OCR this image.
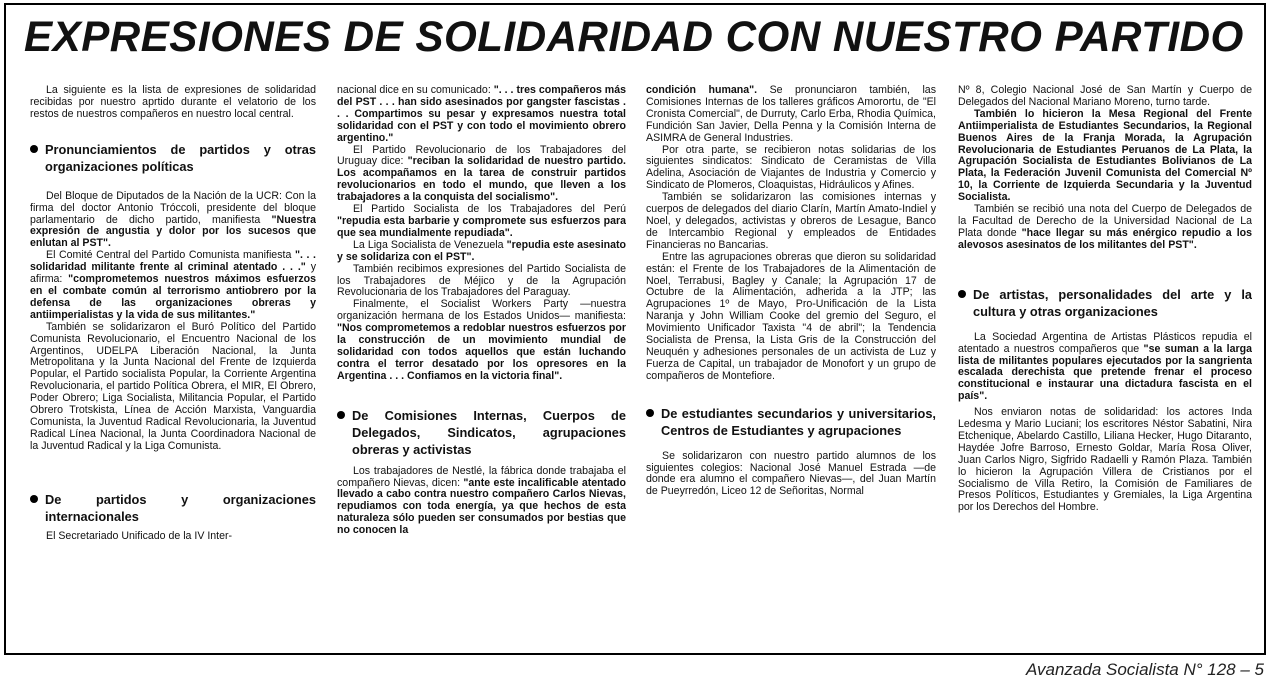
EXPRESIONES DE SOLIDARIDAD CON NUESTRO PARTIDO

La siguiente es la lista de expresiones de solidaridad recibidas por nuestro aprtido durante el velatorio de los restos de nuestros compañeros en nuestro local central.

Pronunciamientos de partidos y otras organizaciones políticas

Del Bloque de Diputados de la Nación de la UCR: Con la firma del doctor Antonio Tróccoli, presidente del bloque parlamentario de dicho partido, manifiesta "Nuestra expresión de angustia y dolor por los sucesos que enlutan al PST".

El Comité Central del Partido Comunista manifiesta ". . . solidaridad militante frente al criminal atentado . . ." y afirma: "comprometemos nuestros máximos esfuerzos en el combate común al terrorismo antiobrero por la defensa de las organizaciones obreras y antiimperialistas y la vida de sus militantes."

También se solidarizaron el Buró Político del Partido Comunista Revolucionario, el Encuentro Nacional de los Argentinos, UDELPA Liberación Nacional, la Junta Metropolitana y la Junta Nacional del Frente de Izquierda Popular, el Partido socialista Popular, la Corriente Argentina Revolucionaria, el partido Política Obrera, el MIR, El Obrero, Poder Obrero; Liga Socialista, Militancia Popular, el Partido Obrero Trotskista, Línea de Acción Marxista, Vanguardia Comunista, la Juventud Radical Revolucionaria, la Juventud Radical Línea Nacional, la Junta Coordinadora Nacional de la Juventud Radical y la Liga Comunista.

De partidos y organizaciones internacionales

El Secretariado Unificado de la IV Inter-

nacional dice en su comunicado: ". . . tres compañeros más del PST . . . han sido asesinados por gangster fascistas . . . Compartimos su pesar y expresamos nuestra total solidaridad con el PST y con todo el movimiento obrero argentino."

El Partido Revolucionario de los Trabajadores del Uruguay dice: "reciban la solidaridad de nuestro partido. Los acompañamos en la tarea de construir partidos revolucionarios en todo el mundo, que lleven a los trabajadores a la conquista del socialismo".

El Partido Socialista de los Trabajadores del Perú "repudia esta barbarie y compromete sus esfuerzos para que sea mundialmente repudiada".

La Liga Socialista de Venezuela "repudia este asesinato y se solidariza con el PST".

También recibimos expresiones del Partido Socialista de los Trabajadores de Méjico y de la Agrupación Revolucionaria de los Trabajadores del Paraguay.

Finalmente, el Socialist Workers Party —nuestra organización hermana de los Estados Unidos— manifiesta: "Nos comprometemos a redoblar nuestros esfuerzos por la construcción de un movimiento mundial de solidaridad con todos aquellos que están luchando contra el terror desatado por los opresores en la Argentina . . . Confiamos en la victoria final".

De Comisiones Internas, Cuerpos de Delegados, Sindicatos, agrupaciones obreras y activistas

Los trabajadores de Nestlé, la fábrica donde trabajaba el compañero Nievas, dicen: "ante este incalificable atentado llevado a cabo contra nuestro compañero Carlos Nievas, repudiamos con toda energía, ya que hechos de esta naturaleza sólo pueden ser consumados por bestias que no conocen la

condición humana". Se pronunciaron también, las Comisiones Internas de los talleres gráficos Amorortu, de "El Cronista Comercial", de Durruty, Carlo Erba, Rhodia Química, Fundición San Javier, Della Penna y la Comisión Interna de ASIMRA de General Industries.

Por otra parte, se recibieron notas solidarias de los siguientes sindicatos: Sindicato de Ceramistas de Villa Adelina, Asociación de Viajantes de Industria y Comercio y Sindicato de Plomeros, Cloaquistas, Hidráulicos y Afines.

También se solidarizaron las comisiones internas y cuerpos de delegados del diario Clarín, Martín Amato-Indiel y Noel, y delegados, activistas y obreros de Lesague, Banco de Intercambio Regional y empleados de Entidades Financieras no Bancarias.

Entre las agrupaciones obreras que dieron su solidaridad están: el Frente de los Trabajadores de la Alimentación de Noel, Terrabusi, Bagley y Canale; la Agrupación 17 de Octubre de la Alimentación, adherida a la JTP; las Agrupaciones 1º de Mayo, Pro-Unificación de la Lista Naranja y John William Cooke del gremio del Seguro, el Movimiento Unificador Taxista "4 de abril"; la Tendencia Socialista de Prensa, la Lista Gris de la Construcción del Neuquén y adhesiones personales de un activista de Luz y Fuerza de Capital, un trabajador de Monofort y un grupo de compañeros de Montefiore.

De estudiantes secundarios y universitarios, Centros de Estudiantes y agrupaciones

Se solidarizaron con nuestro partido alumnos de los siguientes colegios: Nacional José Manuel Estrada —de donde era alumno el compañero Nievas—, del Juan Martín de Pueyrredón, Liceo 12 de Señoritas, Normal

Nº 8, Colegio Nacional José de San Martín y Cuerpo de Delegados del Nacional Mariano Moreno, turno tarde.

También lo hicieron la Mesa Regional del Frente Antiimperialista de Estudiantes Secundarios, la Regional Buenos Aires de la Franja Morada, la Agrupación Revolucionaria de Estudiantes Peruanos de La Plata, la Agrupación Socialista de Estudiantes Bolivianos de La Plata, la Federación Juvenil Comunista del Comercial Nº 10, la Corriente de Izquierda Secundaria y la Juventud Socialista.

También se recibió una nota del Cuerpo de Delegados de la Facultad de Derecho de la Universidad Nacional de La Plata donde "hace llegar su más enérgico repudio a los alevosos asesinatos de los militantes del PST".

De artistas, personalidades del arte y la cultura y otras organizaciones

La Sociedad Argentina de Artistas Plásticos repudia el atentado a nuestros compañeros que "se suman a la larga lista de militantes populares ejecutados por la sangrienta escalada derechista que pretende frenar el proceso constitucional e instaurar una dictadura fascista en el país".

Nos enviaron notas de solidaridad: los actores Inda Ledesma y Mario Luciani; los escritores Néstor Sabatini, Nira Etchenique, Abelardo Castillo, Liliana Hecker, Hugo Ditaranto, Haydée Jofre Barroso, Ernesto Goldar, María Rosa Oliver, Juan Carlos Nigro, Sigfrido Radaelli y Ramón Plaza. También lo hicieron la Agrupación Villera de Cristianos por el Socialismo de Villa Retiro, la Comisión de Familiares de Presos Políticos, Estudiantes y Gremiales, la Liga Argentina por los Derechos del Hombre.

Avanzada Socialista N° 128 – 5
